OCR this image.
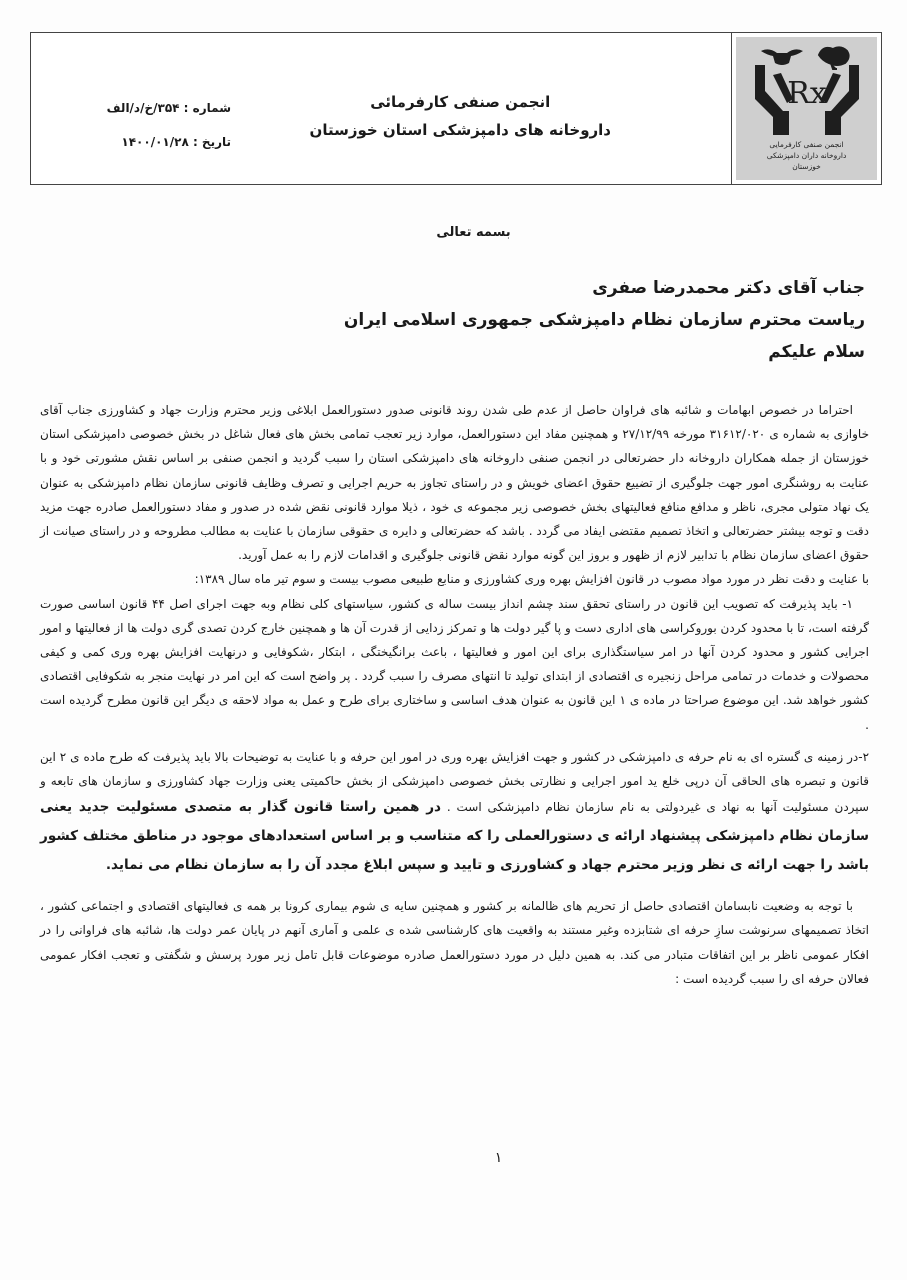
Rx
انجمن صنفی کارفرمایی
داروخانه داران دامپزشکی
خوزستان
انجمن صنفی کارفرمائی
داروخانه های دامپزشکی استان خوزستان
شماره : ۳۵۴/خ/د/الف
تاریخ : ۱۴۰۰/۰۱/۲۸
بسمه تعالی
جناب آقای دکتر محمدرضا صفری
ریاست محترم سازمان نظام دامپزشکی جمهوری اسلامی ایران
سلام علیکم

احتراما در خصوص ابهامات و شائبه های فراوان حاصل از عدم طی شدن روند قانونی صدور دستورالعمل ابلاغی وزیر محترم وزارت جهاد و کشاورزی جناب آقای خاوازی به شماره ی ۳۱۶۱۲/۰۲۰ مورخه ۲۷/۱۲/۹۹ و همچنین مفاد این دستورالعمل، موارد زیر تعجب تمامی بخش های فعال شاغل در بخش خصوصی دامپزشکی استان خوزستان از جمله همکاران داروخانه دار حضرتعالی در انجمن صنفی داروخانه های دامپزشکی استان را سبب گردید و انجمن صنفی بر اساس نقش مشورتی خود و با عنایت به روشنگری امور جهت جلوگیری از تضییع حقوق اعضای خویش و در راستای تجاوز به حریم اجرایی و تصرف وظایف قانونی سازمان نظام دامپزشکی به عنوان یک نهاد متولی مجری، ناظر و مدافع منافع فعالیتهای بخش خصوصی زیر مجموعه ی خود ، ذیلا موارد قانونی نقض شده در صدور و مفاد دستورالعمل صادره جهت مزید دقت و توجه بیشتر حضرتعالی و اتخاذ تصمیم مقتضی ایفاد می گردد . باشد که حضرتعالی و دایره ی حقوقی سازمان با عنایت به مطالب مطروحه و در راستای صیانت از حقوق اعضای سازمان نظام با تدابیر لازم از ظهور و بروز این گونه موارد نقض قانونی جلوگیری و اقدامات لازم را به عمل آورید.

با عنایت و دقت نظر در مورد مواد مصوب در قانون افزایش بهره وری کشاورزی و منابع طبیعی مصوب بیست و سوم تیر ماه سال ۱۳۸۹:

۱- باید پذیرفت که تصویب این قانون در راستای تحقق سند چشم انداز بیست ساله ی کشور، سیاستهای کلی نظام وبه جهت اجرای اصل ۴۴ قانون اساسی صورت گرفته است، تا با محدود کردن بوروکراسی های اداری دست و پا گیر دولت ها و تمرکز زدایی از قدرت آن ها و همچنین خارج کردن تصدی گری دولت ها از فعالیتها و امور اجرایی کشور و محدود کردن آنها در امر سیاستگذاری برای این امور و فعالیتها ، باعث برانگیختگی ، ابتکار ،شکوفایی و درنهایت افزایش بهره وری کمی و کیفی محصولات و خدمات در تمامی مراحل زنجیره ی اقتصادی از ابتدای تولید تا انتهای مصرف را سبب گردد . پر واضح است که این امر در نهایت منجر به شکوفایی اقتصادی کشور خواهد شد. این موضوع صراحتا در ماده ی ۱ این قانون به عنوان هدف اساسی و ساختاری برای طرح و عمل به مواد لاحقه ی دیگر این قانون مطرح گردیده است .

۲-در زمینه ی گستره ای به نام حرفه ی دامپزشکی در کشور و جهت افزایش بهره وری در امور این حرفه و با عنایت به توضیحات بالا باید پذیرفت که طرح ماده ی ۲ این قانون و تبصره های الحاقی آن درپی خلع ید امور اجرایی و نظارتی بخش خصوصی دامپزشکی از بخش حاکمیتی یعنی وزارت جهاد کشاورزی و سازمان های تابعه و سپردن مسئولیت آنها به نهاد ی غیردولتی به نام سازمان نظام دامپزشکی است . در همین راستا قانون گذار به متصدی مسئولیت جدید یعنی سازمان نظام دامپزشکی پیشنهاد ارائه ی دستورالعملی را که متناسب و بر اساس استعدادهای موجود در مناطق مختلف کشور باشد را جهت ارائه ی نظر وزیر محترم جهاد و کشاورزی و تایید و سپس ابلاغ مجدد آن را به سازمان نظام می نماید.

با توجه به وضعیت نابسامان اقتصادی حاصل از تحریم های ظالمانه بر کشور و همچنین سایه ی شوم بیماری کرونا بر همه ی فعالیتهای اقتصادی و اجتماعی کشور ، اتخاذ تصمیمهای سرنوشت سازِ حرفه ای شتابزده وغیر مستند به واقعیت های کارشناسی شده ی علمی و آماری آنهم در پایان عمر دولت ها، شائبه های فراوانی را در افکار عمومی ناظر بر این اتفاقات متبادر می کند. به همین دلیل در مورد دستورالعمل صادره موضوعات قابل تامل زیر مورد پرسش و شگفتی و تعجب افکار عمومی فعالان حرفه ای را سبب گردیده است :

۱
